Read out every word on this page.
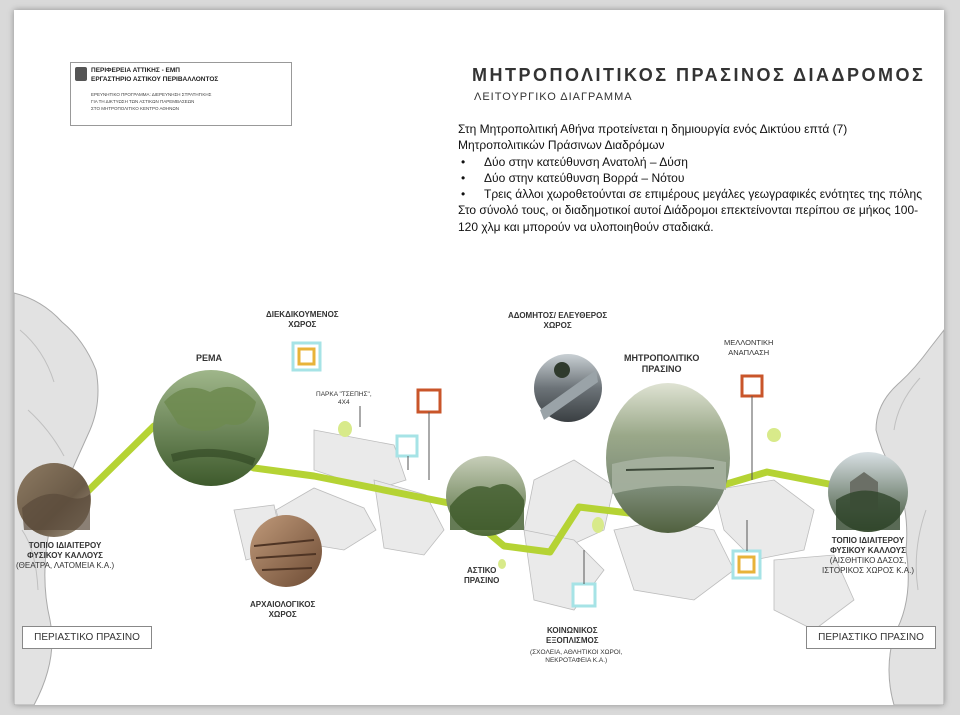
ΠΕΡΙΦΕΡΕΙΑ ΑΤΤΙΚΗΣ - ΕΜΠ
ΕΡΓΑΣΤΗΡΙΟ ΑΣΤΙΚΟΥ ΠΕΡΙΒΑΛΛΟΝΤΟΣ
ΕΡΕΥΝΗΤΙΚΟ ΠΡΟΓΡΑΜΜΑ: ΔΙΕΡΕΥΝΗΣΗ ΣΤΡΑΤΗΓΙΚΗΣ
ΓΙΑ ΤΗ ΔΙΚΤΥΩΣΗ ΤΩΝ ΑΣΤΙΚΩΝ ΠΑΡΕΜΒΑΣΕΩΝ
ΣΤΟ ΜΗΤΡΟΠΟΛΙΤΙΚΟ ΚΕΝΤΡΟ ΑΘΗΝΩΝ
ΜΗΤΡΟΠΟΛΙΤΙΚΟΣ ΠΡΑΣΙΝΟΣ ΔΙΑΔΡΟΜΟΣ
ΛΕΙΤΟΥΡΓΙΚΟ ΔΙΑΓΡΑΜΜΑ

Στη Μητροπολιτική Αθήνα προτείνεται η δημιουργία ενός Δικτύου επτά (7) Μητροπολιτικών Πράσινων Διαδρόμων

• Δύο στην κατεύθυνση Ανατολή – Δύση
• Δύο στην κατεύθυνση Βορρά – Νότου
• Τρεις άλλοι χωροθετούνται σε επιμέρους μεγάλες γεωγραφικές ενότητες της πόλης

Στο σύνολό τους, οι διαδημοτικοί αυτοί Διάδρομοι επεκτείνονται περίπου σε μήκος 100-120 χλμ και μπορούν να υλοποιηθούν σταδιακά.

ΤΟΠΙΟ ΙΔΙΑΙΤΕΡΟΥ
ΦΥΣΙΚΟΥ ΚΑΛΛΟΥΣ
(ΘΕΑΤΡΑ, ΛΑΤΟΜΕΙΑ Κ.Α.)
ΡΕΜΑ
ΔΙΕΚΔΙΚΟΥΜΕΝΟΣ
ΧΩΡΟΣ
ΠΑΡΚΑ "ΤΣΕΠΗΣ",
4Χ4
ΑΡΧΑΙΟΛΟΓΙΚΟΣ
ΧΩΡΟΣ
ΑΣΤΙΚΟ
ΠΡΑΣΙΝΟ
ΑΔΟΜΗΤΟΣ/ ΕΛΕΥΘΕΡΟΣ
ΧΩΡΟΣ
ΜΗΤΡΟΠΟΛΙΤΙΚΟ
ΠΡΑΣΙΝΟ
ΜΕΛΛΟΝΤΙΚΗ
ΑΝΑΠΛΑΣΗ
ΚΟΙΝΩΝΙΚΟΣ
ΕΞΟΠΛΙΣΜΟΣ
(ΣΧΟΛΕΙΑ, ΑΘΛΗΤΙΚΟΙ ΧΩΡΟΙ,
ΝΕΚΡΟΤΑΦΕΙΑ Κ.Α.)
ΤΟΠΙΟ ΙΔΙΑΙΤΕΡΟΥ
ΦΥΣΙΚΟΥ ΚΑΛΛΟΥΣ
(ΑΙΣΘΗΤΙΚΟ ΔΑΣΟΣ,
ΙΣΤΟΡΙΚΟΣ ΧΩΡΟΣ Κ.Α.)
ΠΕΡΙΑΣΤΙΚΟ ΠΡΑΣΙΝΟ	ΠΕΡΙΑΣΤΙΚΟ ΠΡΑΣΙΝΟ
